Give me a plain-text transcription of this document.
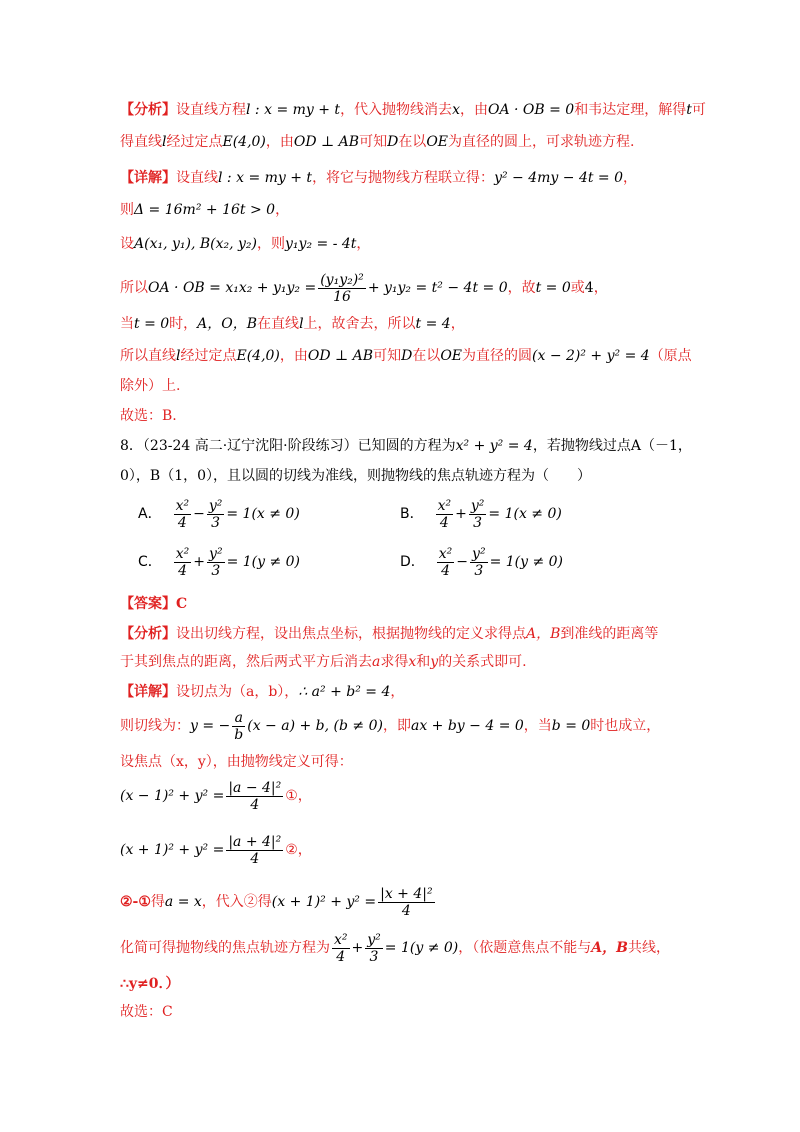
【分析】设直线方程l : x = my + t，代入抛物线消去x，由OA · OB = 0和韦达定理，解得t可
得直线l经过定点E(4,0)，由OD ⊥ AB可知D在以OE为直径的圆上，可求轨迹方程.
【详解】设直线l : x = my + t，将它与抛物线方程联立得：y² − 4my − 4t = 0，
则Δ = 16m² + 16t > 0，
设A(x₁, y₁), B(x₂, y₂)，则y₁y₂ = - 4t，
所以OA · OB = $x_1x_2 + y_1y_2 = \frac{\text{(y₁y₂)²}}{16} + y_1y_2 = t^2 - 4t = 0$，故t = 0或4，
当t = 0时，A，O，B在直线l上，故舍去，所以t = 4，
所以直线l经过定点E(4,0)，由OD ⊥ AB可知D在以OE为直径的圆(x − 2)² + y² = 4（原点
除外）上.
故选：B.
8．（23-24 高二·辽宁沈阳·阶段练习）已知圆的方程为x² + y² = 4，若抛物线过点A（－1，
0），B（1，0），且以圆的切线为准线，则抛物线的焦点轨迹方程为（　　）
A． $\frac{\text{x²}}{4} - \frac{\text{y²}}{3} = 1(x \ne 0)$	B． $\frac{\text{x²}}{4} + \frac{\text{y²}}{3} = 1(x \ne 0)$
C． $\frac{\text{x²}}{4} + \frac{\text{y²}}{3} = 1(y \ne 0)$	D． $\frac{\text{x²}}{4} - \frac{\text{y²}}{3} = 1(y \ne 0)$
【答案】C
【分析】设出切线方程，设出焦点坐标，根据抛物线的定义求得点A，B到准线的距离等
于其到焦点的距离，然后两式平方后消去a求得x和y的关系式即可.
【详解】设切点为（a，b），∴ a² + b² = 4，
则切线为：y = − $\frac{a}{b} (x - a) + b$, (b ≠ 0)，即ax + by − 4 = 0，当b = 0时也成立，
设焦点（x，y），由抛物线定义可得：
$(x - 1)^2 + y^2 = \frac{\text{|a − 4|²}}{4}$ ①，
$(x + 1)^2 + y^2 = \frac{\text{|a + 4|²}}{4}$ ②，
②-①得a = x，代入②得$(x + 1)^2 + y^2 = \frac{\text{|x + 4|²}}{4}$
化简可得抛物线的焦点轨迹方程为 $\frac{\text{x²}}{4} + \frac{\text{y²}}{3} = 1(y \ne 0)$，（依题意焦点不能与A，B共线，
∴y≠0．）
故选：C
